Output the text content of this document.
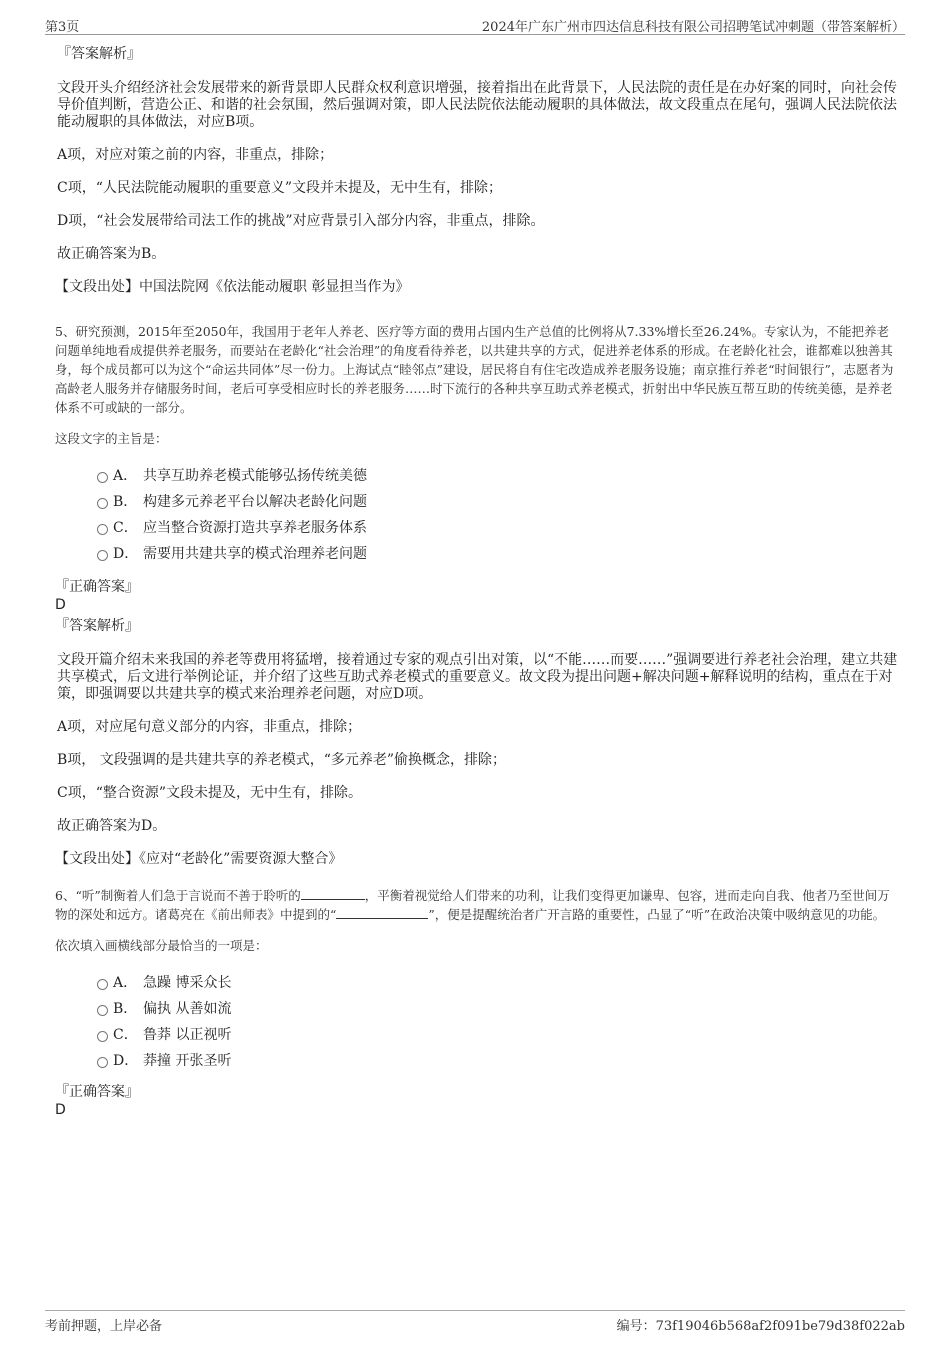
第3页	2024年广东广州市四达信息科技有限公司招聘笔试冲刺题（带答案解析）

『答案解析』

文段开头介绍经济社会发展带来的新背景即人民群众权利意识增强，接着指出在此背景下，人民法院的责任是在办好案的同时，向社会传导价值判断，营造公正、和谐的社会氛围，然后强调对策，即人民法院依法能动履职的具体做法，故文段重点在尾句，强调人民法院依法能动履职的具体做法，对应B项。

A项，对应对策之前的内容，非重点，排除；

C项，“人民法院能动履职的重要意义”文段并未提及，无中生有，排除；

D项，“社会发展带给司法工作的挑战”对应背景引入部分内容，非重点，排除。

故正确答案为B。

【文段出处】中国法院网《依法能动履职 彰显担当作为》

5、研究预测，2015年至2050年，我国用于老年人养老、医疗等方面的费用占国内生产总值的比例将从7.33%增长至26.24%。专家认为，不能把养老问题单纯地看成提供养老服务，而要站在老龄化“社会治理”的角度看待养老，以共建共享的方式，促进养老体系的形成。在老龄化社会，谁都难以独善其身，每个成员都可以为这个“命运共同体”尽一份力。上海试点“睦邻点”建设，居民将自有住宅改造成养老服务设施；南京推行养老“时间银行”，志愿者为高龄老人服务并存储服务时间，老后可享受相应时长的养老服务……时下流行的各种共享互助式养老模式，折射出中华民族互帮互助的传统美德，是养老体系不可或缺的一部分。

这段文字的主旨是：

A． 共享互助养老模式能够弘扬传统美德
B． 构建多元养老平台以解决老龄化问题
C． 应当整合资源打造共享养老服务体系
D． 需要用共建共享的模式治理养老问题

『正确答案』

D

『答案解析』

文段开篇介绍未来我国的养老等费用将猛增，接着通过专家的观点引出对策，以“不能……而要……”强调要进行养老社会治理，建立共建共享模式，后文进行举例论证，并介绍了这些互助式养老模式的重要意义。故文段为提出问题+解决问题+解释说明的结构，重点在于对策，即强调要以共建共享的模式来治理养老问题，对应D项。

A项，对应尾句意义部分的内容，非重点，排除；

B项， 文段强调的是共建共享的养老模式，“多元养老”偷换概念，排除；

C项，“整合资源”文段未提及，无中生有，排除。

故正确答案为D。

【文段出处】《应对“老龄化”需要资源大整合》

6、“听”制衡着人们急于言说而不善于聆听的	，平衡着视觉给人们带来的功利，让我们变得更加谦卑、包容，进而走向自我、他者乃至世间万物的深处和远方。诸葛亮在《前出师表》中提到的“	”，便是提醒统治者广开言路的重要性，凸显了“听”在政治决策中吸纳意见的功能。

依次填入画横线部分最恰当的一项是：

A． 急躁 博采众长
B． 偏执 从善如流
C． 鲁莽 以正视听
D． 莽撞 开张圣听

『正确答案』

D

考前押题，上岸必备	编号：73f19046b568af2f091be79d38f022ab
